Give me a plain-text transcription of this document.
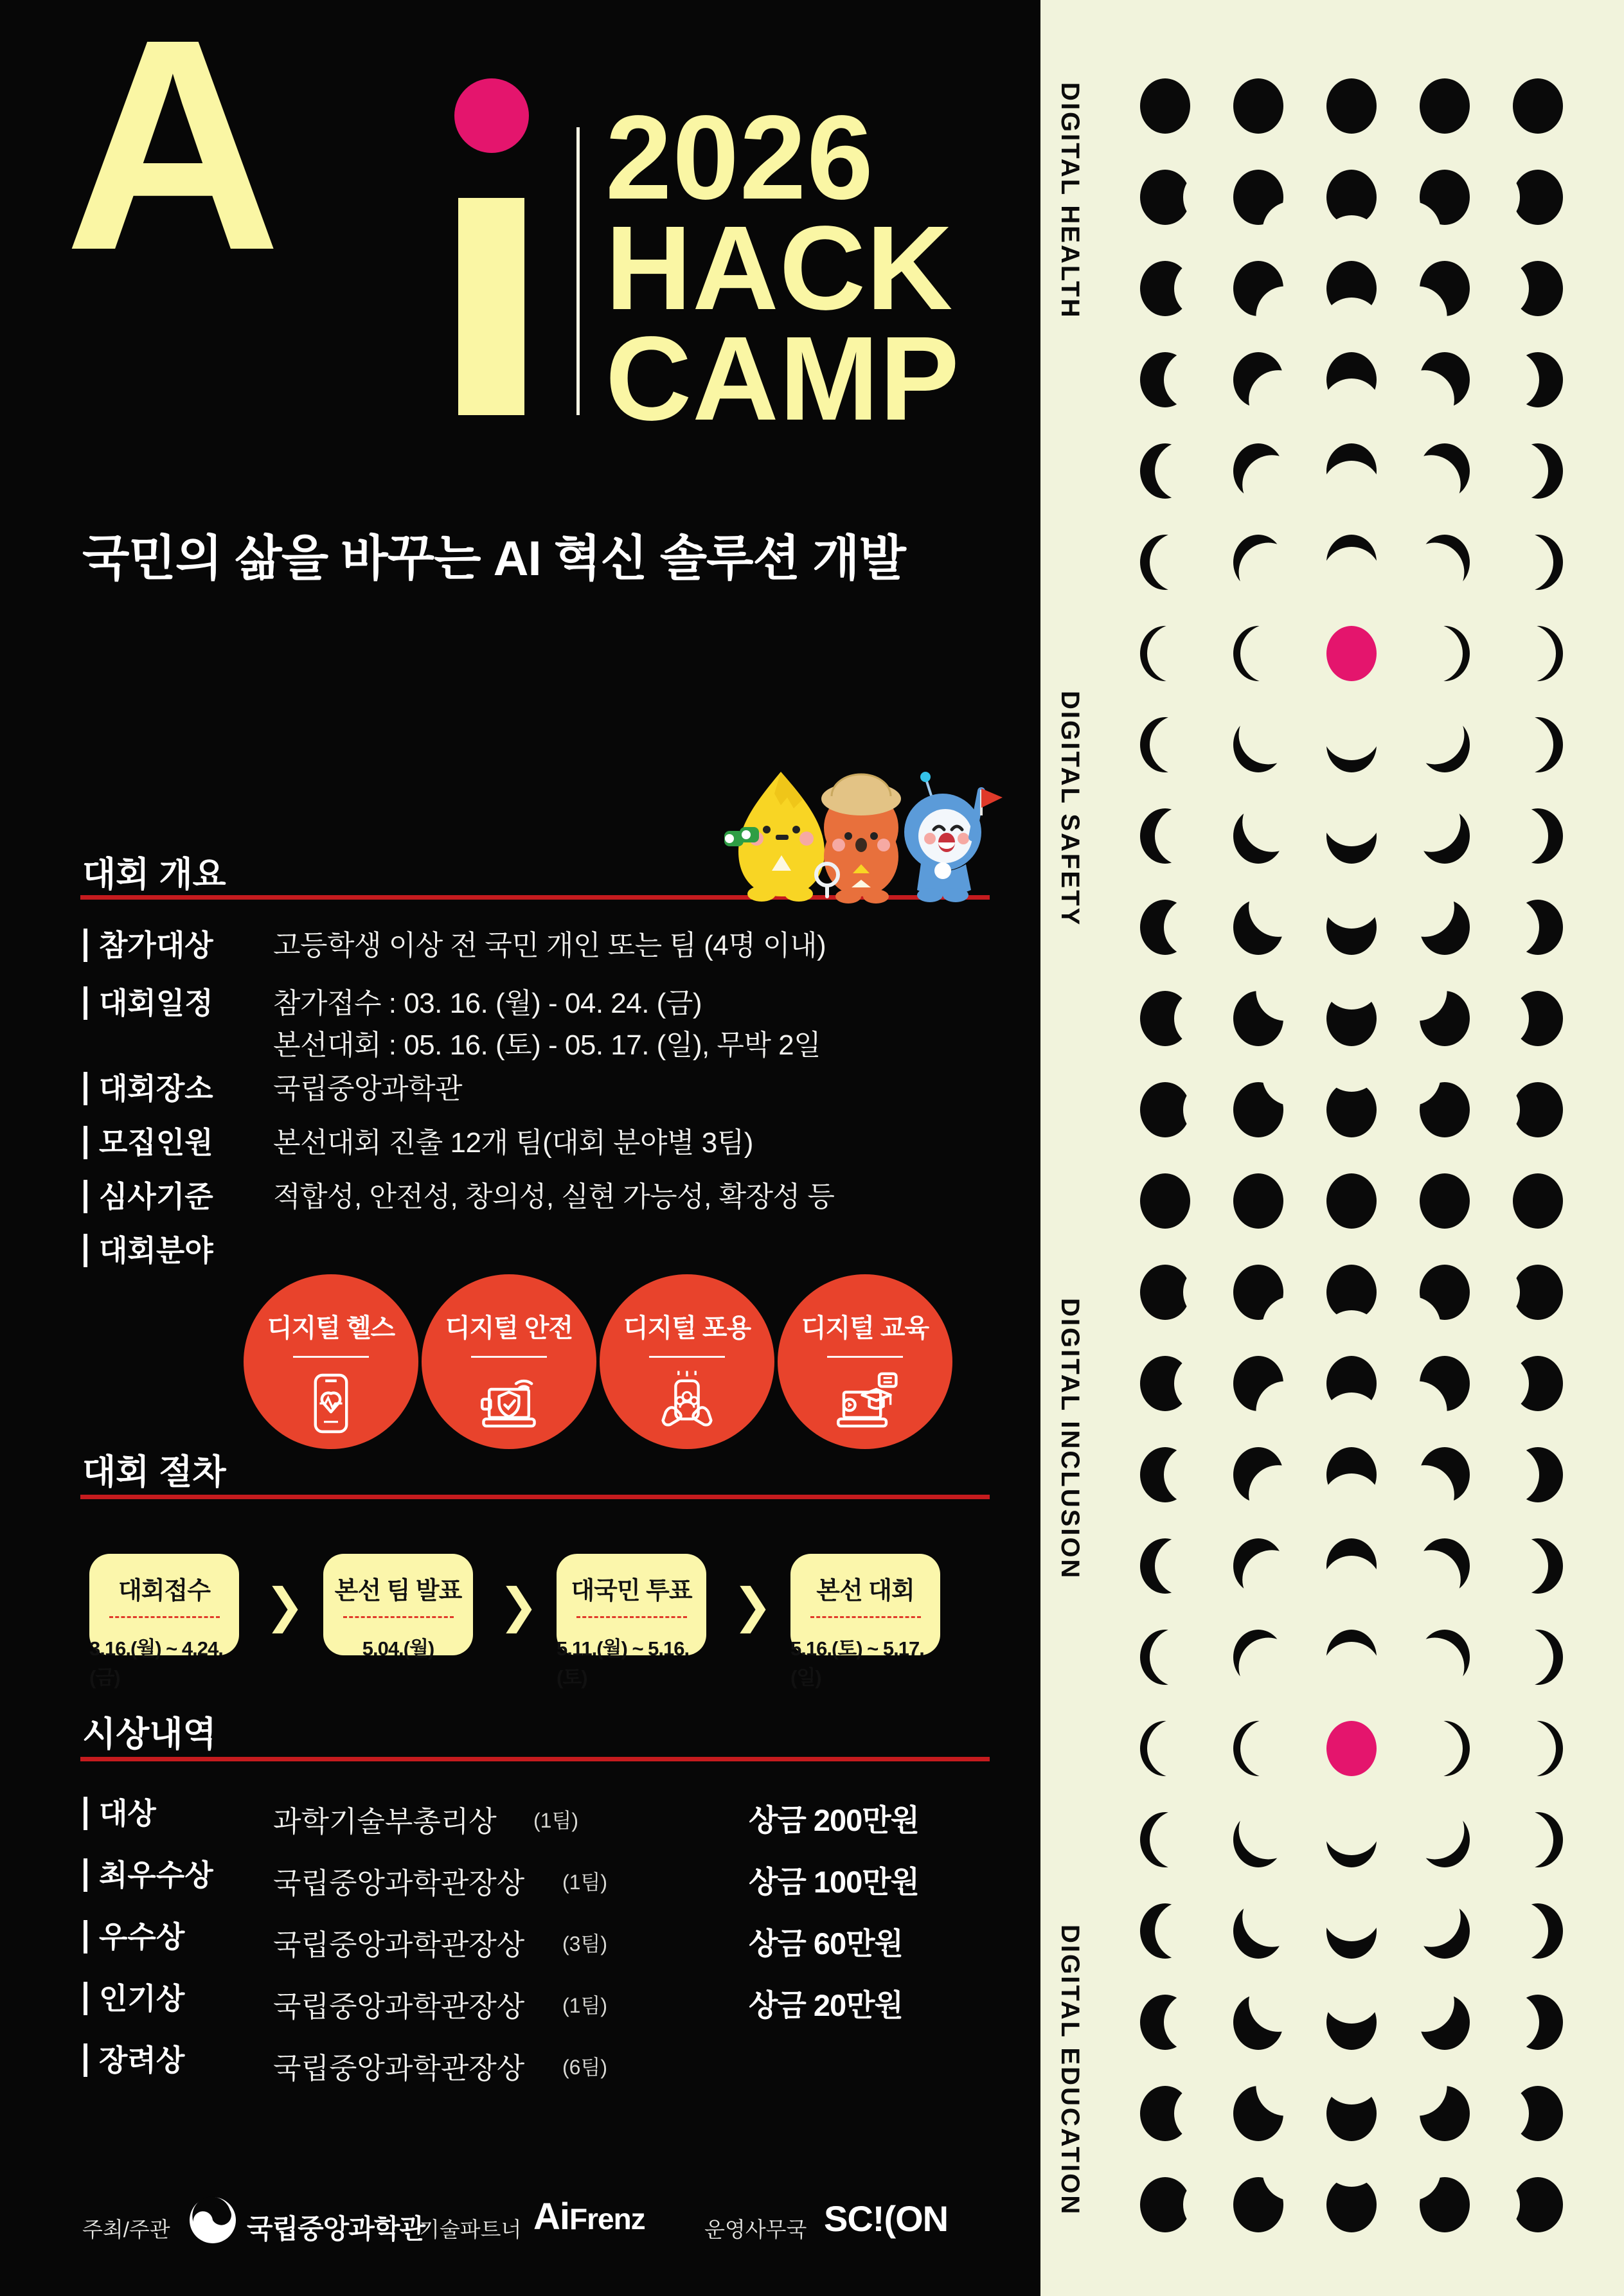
A	2026
HACK
CAMP
국민의 삶을 바꾸는 AI 혁신 솔루션 개발
대회 개요
참가대상 고등학생 이상 전 국민 개인 또는 팀 (4명 이내)
대회일정 참가접수 : 03. 16. (월) - 04. 24. (금)
본선대회 : 05. 16. (토) - 05. 17. (일), 무박 2일
대회장소 국립중앙과학관
모집인원 본선대회 진출 12개 팀(대회 분야별 3팀)
심사기준 적합성, 안전성, 창의성, 실현 가능성, 확장성 등
대회분야
디지털 헬스 디지털 안전 디지털 포용 디지털 교육
대회 절차
대회접수
3.16.(월) ~ 4.24.(금)
❯ 본선 팀 발표
5.04.(월)
❯ 대국민 투표
5.11.(월) ~ 5.16.(토)
❯ 본선 대회
5.16.(토) ~ 5.17.(일)
시상내역
대상	과학기술부총리상 (1팀)	상금 200만원
최우수상 국립중앙과학관장상 (1팀)	상금 100만원
우수상	국립중앙과학관장상 (3팀)	상금 60만원
인기상	국립중앙과학관장상 (1팀)	상금 20만원
장려상	국립중앙과학관장상 (6팀)
주최/주관	국립중앙과학관
기술파트너 AiFrenz	운영사무국 SC!(ON
DIGITAL HEALTH
DIGITAL SAFETY
DIGITAL INCLUSION
DIGITAL EDUCATION
